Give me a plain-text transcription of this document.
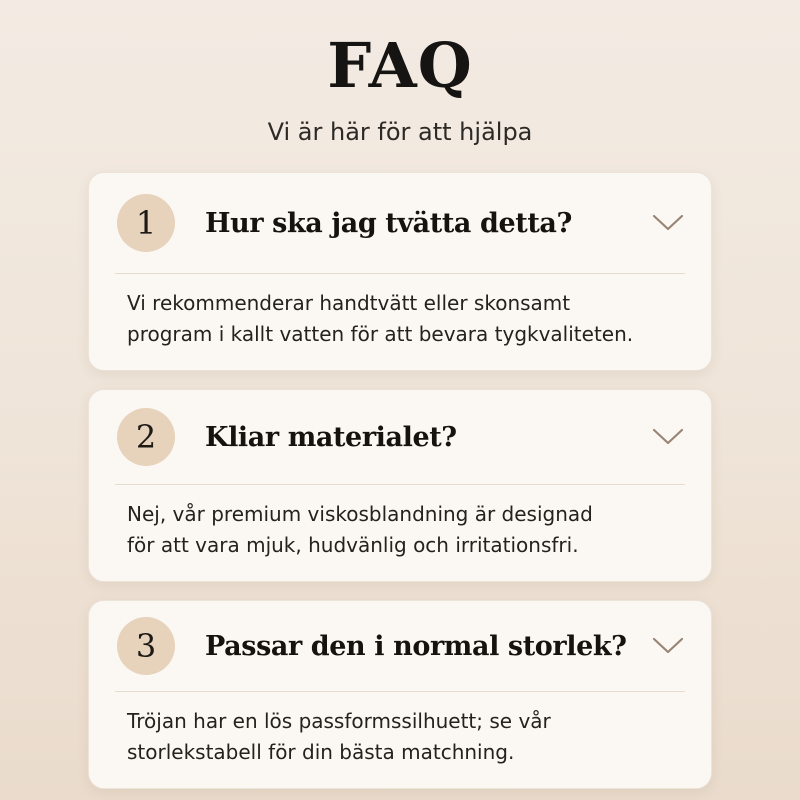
FAQ
Vi är här för att hjälpa
1	Hur ska jag tvätta detta?
Vi rekommenderar handtvätt eller skonsamt
program i kallt vatten för att bevara tygkvaliteten.
2	Kliar materialet?
Nej, vår premium viskosblandning är designad
för att vara mjuk, hudvänlig och irritationsfri.
3	Passar den i normal storlek?
Tröjan har en lös passformssilhuett; se vår
storlekstabell för din bästa matchning.
